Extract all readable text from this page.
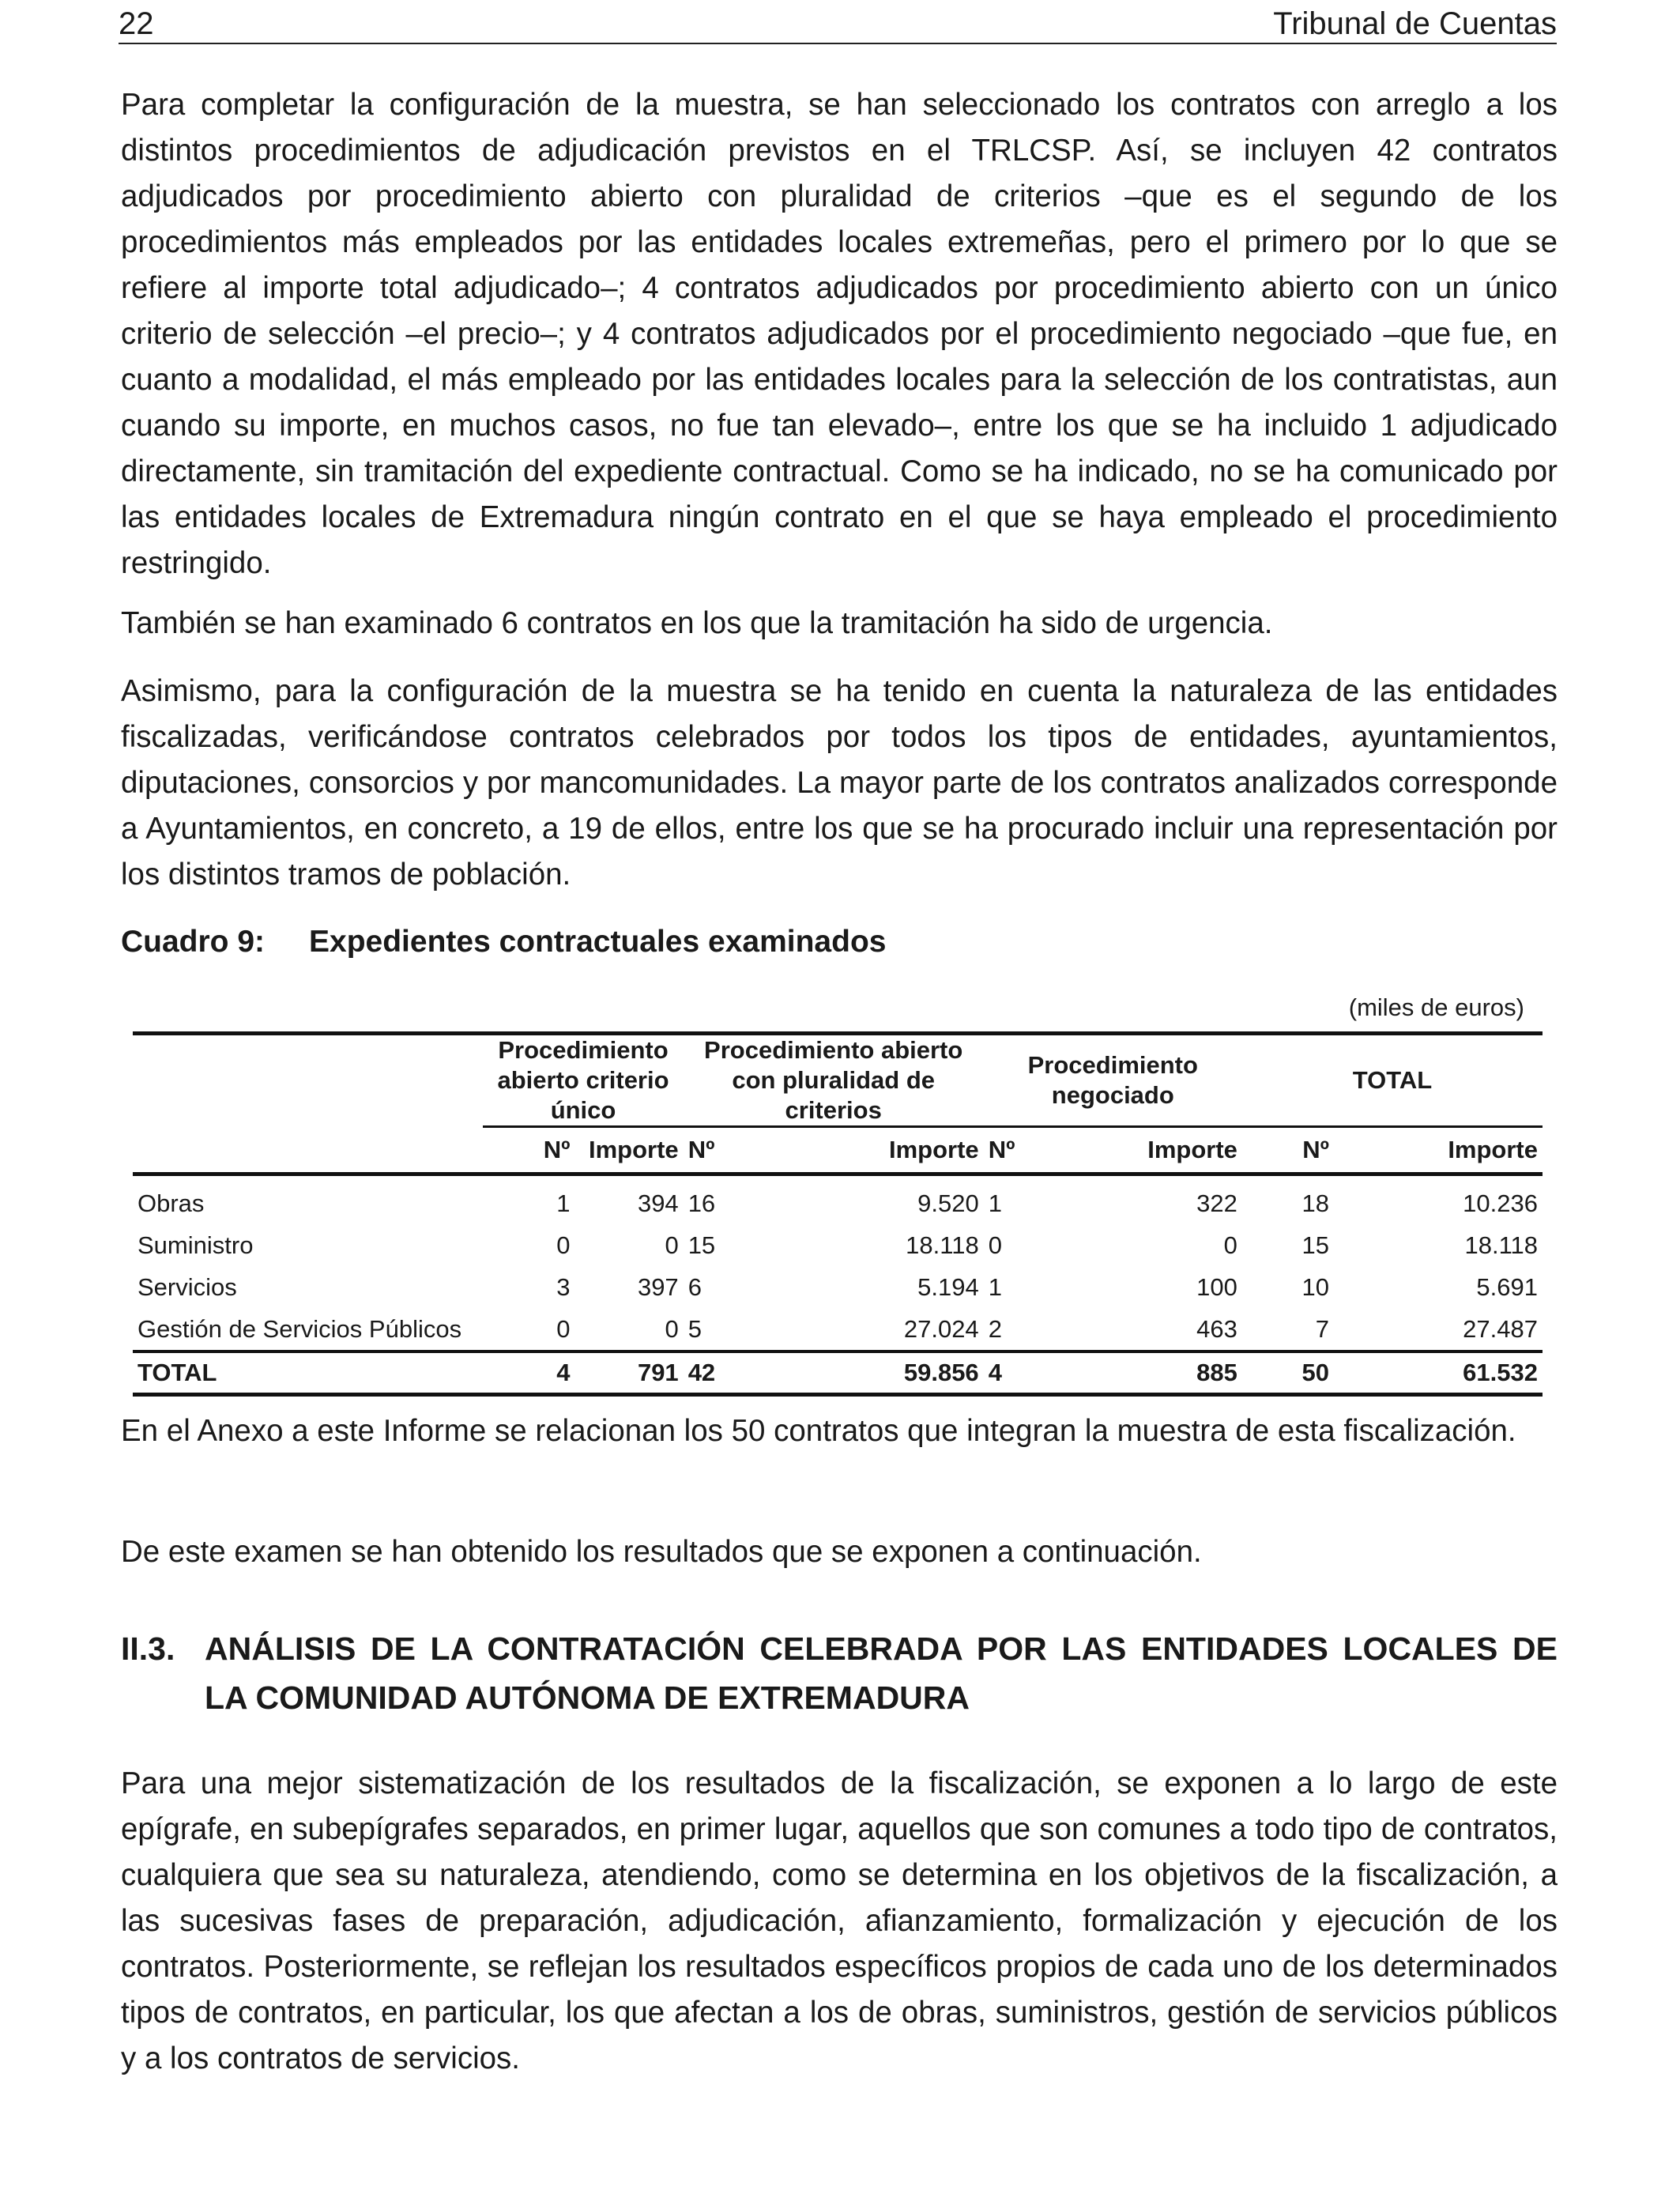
22	Tribunal de Cuentas

Para completar la configuración de la muestra, se han seleccionado los contratos con arreglo a los distintos procedimientos de adjudicación previstos en el TRLCSP. Así, se incluyen 42 contratos adjudicados por procedimiento abierto con pluralidad de criterios –que es el segundo de los procedimientos más empleados por las entidades locales extremeñas, pero el primero por lo que se refiere al importe total adjudicado–; 4 contratos adjudicados por procedimiento abierto con un único criterio de selección –el precio–; y 4 contratos adjudicados por el procedimiento negociado –que fue, en cuanto a modalidad, el más empleado por las entidades locales para la selección de los contratistas, aun cuando su importe, en muchos casos, no fue tan elevado–, entre los que se ha incluido 1 adjudicado directamente, sin tramitación del expediente contractual. Como se ha indicado, no se ha comunicado por las entidades locales de Extremadura ningún contrato en el que se haya empleado el procedimiento restringido.

También se han examinado 6 contratos en los que la tramitación ha sido de urgencia.

Asimismo, para la configuración de la muestra se ha tenido en cuenta la naturaleza de las entidades fiscalizadas, verificándose contratos celebrados por todos los tipos de entidades, ayuntamientos, diputaciones, consorcios y por mancomunidades. La mayor parte de los contratos analizados corresponde a Ayuntamientos, en concreto, a 19 de ellos, entre los que se ha procurado incluir una representación por los distintos tramos de población.

Cuadro 9: Expedientes contractuales examinados
(miles de euros)
	Procedimiento abierto criterio único		Procedimiento abierto con pluralidad de criterios		Procedimiento negociado		TOTAL	
	Nº	Importe	Nº	Importe	Nº	Importe	Nº	Importe
Obras	1	394	16	9.520	1	322	18	10.236
Suministro	0	0	15	18.118	0	0	15	18.118
Servicios	3	397	6	5.194	1	100	10	5.691
Gestión de Servicios Públicos	0	0	5	27.024	2	463	7	27.487
TOTAL	4	791	42	59.856	4	885	50	61.532

En el Anexo a este Informe se relacionan los 50 contratos que integran la muestra de esta fiscalización.

De este examen se han obtenido los resultados que se exponen a continuación.

II.3. ANÁLISIS DE LA CONTRATACIÓN CELEBRADA POR LAS ENTIDADES LOCALES DE LA COMUNIDAD AUTÓNOMA DE EXTREMADURA

Para una mejor sistematización de los resultados de la fiscalización, se exponen a lo largo de este epígrafe, en subepígrafes separados, en primer lugar, aquellos que son comunes a todo tipo de contratos, cualquiera que sea su naturaleza, atendiendo, como se determina en los objetivos de la fiscalización, a las sucesivas fases de preparación, adjudicación, afianzamiento, formalización y ejecución de los contratos. Posteriormente, se reflejan los resultados específicos propios de cada uno de los determinados tipos de contratos, en particular, los que afectan a los de obras, suministros, gestión de servicios públicos y a los contratos de servicios.
